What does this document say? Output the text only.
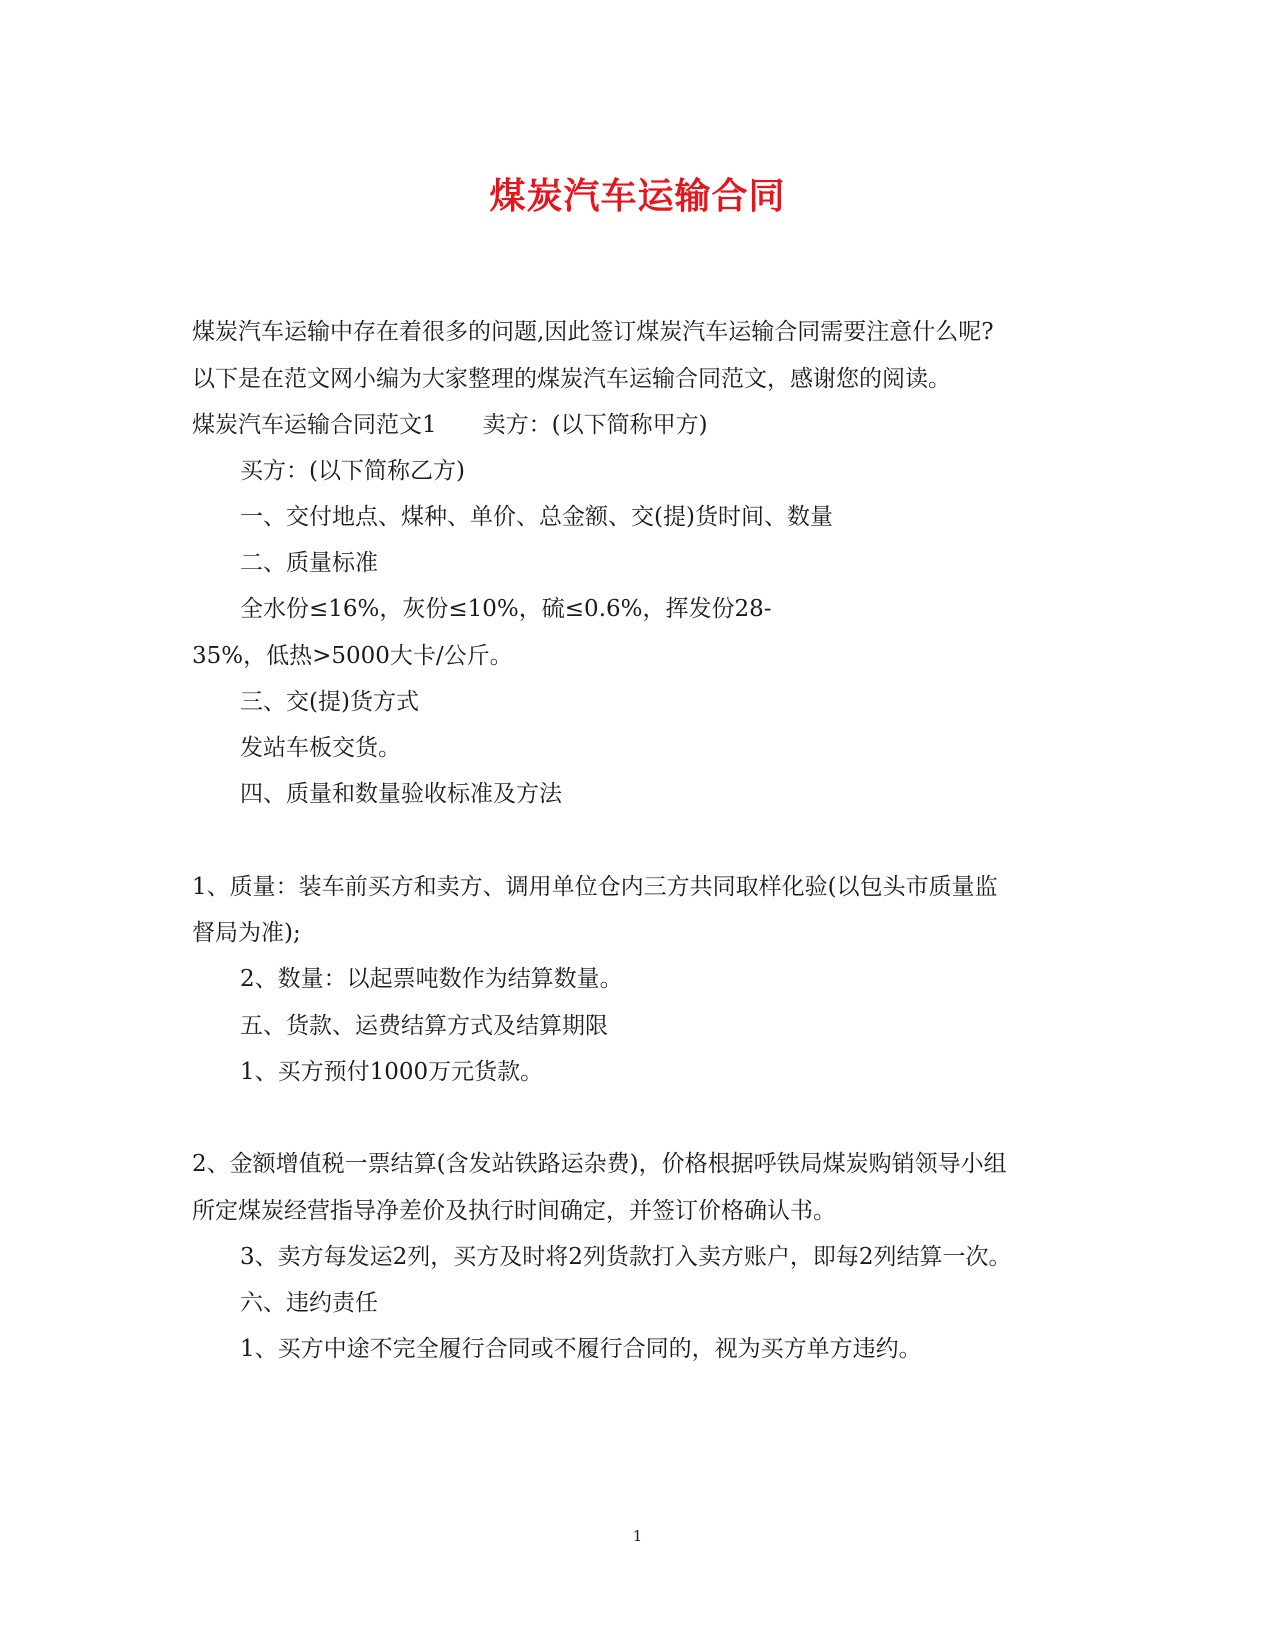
煤炭汽车运输合同
煤炭汽车运输中存在着很多的问题,因此签订煤炭汽车运输合同需要注意什么呢?
以下是在范文网小编为大家整理的煤炭汽车运输合同范文，感谢您的阅读。
煤炭汽车运输合同范文1　　卖方：(以下简称甲方)
买方：(以下简称乙方)
一、交付地点、煤种、单价、总金额、交(提)货时间、数量
二、质量标准
全水份≤16%，灰份≤10%，硫≤0.6%，挥发份28-
35%，低热>5000大卡/公斤。
三、交(提)货方式
发站车板交货。
四、质量和数量验收标准及方法
1、质量：装车前买方和卖方、调用单位仓内三方共同取样化验(以包头市质量监
督局为准);
2、数量：以起票吨数作为结算数量。
五、货款、运费结算方式及结算期限
1、买方预付1000万元货款。
2、金额增值税一票结算(含发站铁路运杂费)，价格根据呼铁局煤炭购销领导小组
所定煤炭经营指导净差价及执行时间确定，并签订价格确认书。
3、卖方每发运2列，买方及时将2列货款打入卖方账户，即每2列结算一次。
六、违约责任
1、买方中途不完全履行合同或不履行合同的，视为买方单方违约。
1
